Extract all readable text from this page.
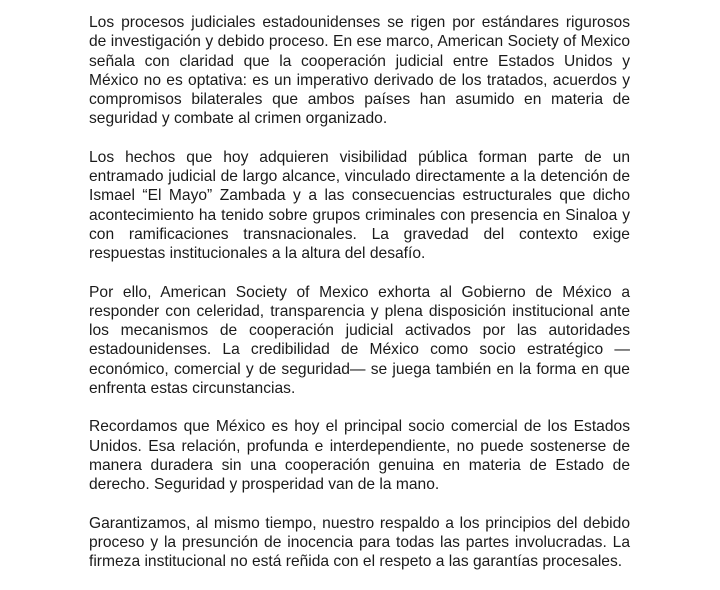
Los procesos judiciales estadounidenses se rigen por estándares rigurosos de investigación y debido proceso. En ese marco, American Society of Mexico señala con claridad que la cooperación judicial entre Estados Unidos y México no es optativa: es un imperativo derivado de los tratados, acuerdos y compromisos bilaterales que ambos países han asumido en materia de seguridad y combate al crimen organizado.

Los hechos que hoy adquieren visibilidad pública forman parte de un entramado judicial de largo alcance, vinculado directamente a la detención de Ismael “El Mayo” Zambada y a las consecuencias estructurales que dicho acontecimiento ha tenido sobre grupos criminales con presencia en Sinaloa y con ramificaciones transnacionales. La gravedad del contexto exige respuestas institucionales a la altura del desafío.

Por ello, American Society of Mexico exhorta al Gobierno de México a responder con celeridad, transparencia y plena disposición institucional ante los mecanismos de cooperación judicial activados por las autoridades estadounidenses. La credibilidad de México como socio estratégico —económico, comercial y de seguridad— se juega también en la forma en que enfrenta estas circunstancias.

Recordamos que México es hoy el principal socio comercial de los Estados Unidos. Esa relación, profunda e interdependiente, no puede sostenerse de manera duradera sin una cooperación genuina en materia de Estado de derecho. Seguridad y prosperidad van de la mano.

Garantizamos, al mismo tiempo, nuestro respaldo a los principios del debido proceso y la presunción de inocencia para todas las partes involucradas. La firmeza institucional no está reñida con el respeto a las garantías procesales.
